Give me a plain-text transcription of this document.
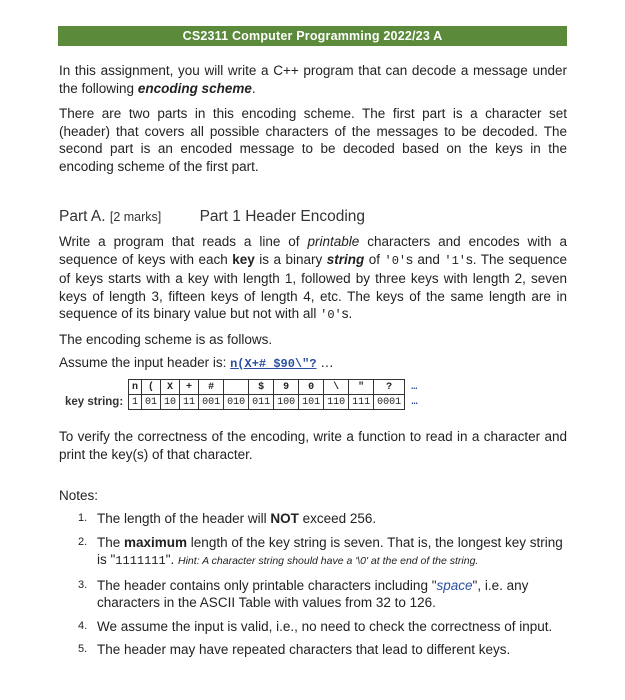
CS2311 Computer Programming 2022/23 A
In this assignment, you will write a C++ program that can decode a message under the following encoding scheme.
There are two parts in this encoding scheme. The first part is a character set (header) that covers all possible characters of the messages to be decoded. The second part is an encoded message to be decoded based on the keys in the encoding scheme of the first part.
Part A. [2 marks] Part 1 Header Encoding
Write a program that reads a line of printable characters and encodes with a sequence of keys with each key is a binary string of '0's and '1's. The sequence of keys starts with a key with length 1, followed by three keys with length 2, seven keys of length 3, fifteen keys of length 4, etc. The keys of the same length are in sequence of its binary value but not with all '0's.
The encoding scheme is as follows.
Assume the input header is: n(X+# $90\"? …
key string:
n	(	X	+	#		$	9	0	\	"	?	…
1	01	10	11	001	010	011	100	101	110	111	0001	…
To verify the correctness of the encoding, write a function to read in a character and print the key(s) of that character.
Notes:
1. The length of the header will NOT exceed 256.
2. The maximum length of the key string is seven. That is, the longest key string is "1111111". Hint: A character string should have a '\0' at the end of the string.
3. The header contains only printable characters including "space", i.e. any characters in the ASCII Table with values from 32 to 126.
4. We assume the input is valid, i.e., no need to check the correctness of input.
5. The header may have repeated characters that lead to different keys.
